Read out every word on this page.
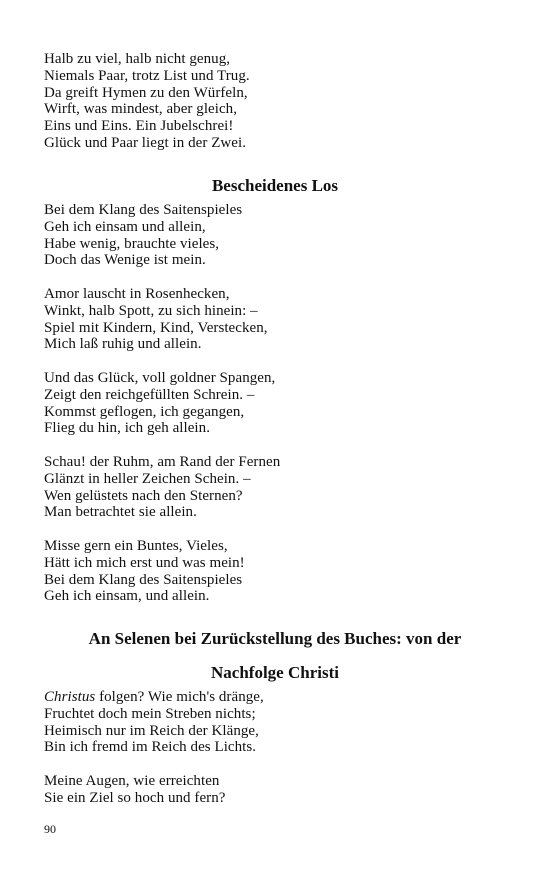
Halb zu viel, halb nicht genug,
Niemals Paar, trotz List und Trug.
Da greift Hymen zu den Würfeln,
Wirft, was mindest, aber gleich,
Eins und Eins. Ein Jubelschrei!
Glück und Paar liegt in der Zwei.
Bescheidenes Los
Bei dem Klang des Saitenspieles
Geh ich einsam und allein,
Habe wenig, brauchte vieles,
Doch das Wenige ist mein.
Amor lauscht in Rosenhecken,
Winkt, halb Spott, zu sich hinein: –
Spiel mit Kindern, Kind, Verstecken,
Mich laß ruhig und allein.
Und das Glück, voll goldner Spangen,
Zeigt den reichgefüllten Schrein. –
Kommst geflogen, ich gegangen,
Flieg du hin, ich geh allein.
Schau! der Ruhm, am Rand der Fernen
Glänzt in heller Zeichen Schein. –
Wen gelüstets nach den Sternen?
Man betrachtet sie allein.
Misse gern ein Buntes, Vieles,
Hätt ich mich erst und was mein!
Bei dem Klang des Saitenspieles
Geh ich einsam, und allein.
An Selenen bei Zurückstellung des Buches: von der
Nachfolge Christi
Christus folgen? Wie mich's dränge,
Fruchtet doch mein Streben nichts;
Heimisch nur im Reich der Klänge,
Bin ich fremd im Reich des Lichts.
Meine Augen, wie erreichten
Sie ein Ziel so hoch und fern?
90
